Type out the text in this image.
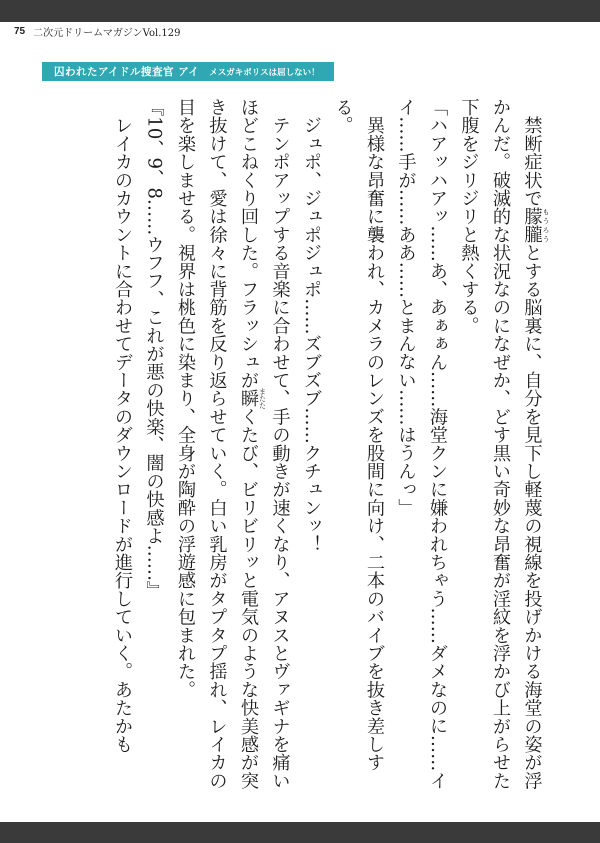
75 二次元ドリームマガジンVol.129
囚われたアイドル捜査官 アイ メスガキポリスは屈しない！

　禁断症状で朦朧 もうろうとする脳裏に、自分を見下し軽蔑の視線を投げかける海堂の姿が浮かんだ。破滅的な状況なのになぜか、どす黒い奇妙な昂奮が淫紋を浮かび上がらせた下腹をジリジリと熱くする。

「ハアッハアッ……あ、あぁぁん……海堂クンに嫌われちゃう……ダメなのに……イイ……手が……ああ……とまんない……はうんっ」

　異様な昂奮に襲われ、カメラのレンズを股間に向け、二本のバイブを抜き差しする。

　ジュポ、ジュポジュポ……ズブズブ……クチュンッ！

　テンポアップする音楽に合わせて、手の動きが速くなり、アヌスとヴァギナを痛いほどこねくり回した。フラッシュが瞬 またたくたび、ビリビリッと電気のような快美感が突き抜けて、愛は徐々に背筋を反り返らせていく。白い乳房がタプタプ揺れ、レイカの目を楽しませる。視界は桃色に染まり、全身が陶酔の浮遊感に包まれた。

『10、9、8……ウフフ、これが悪の快楽、闇の快感よ……』

　レイカのカウントに合わせてデータのダウンロードが進行していく。あたかも
